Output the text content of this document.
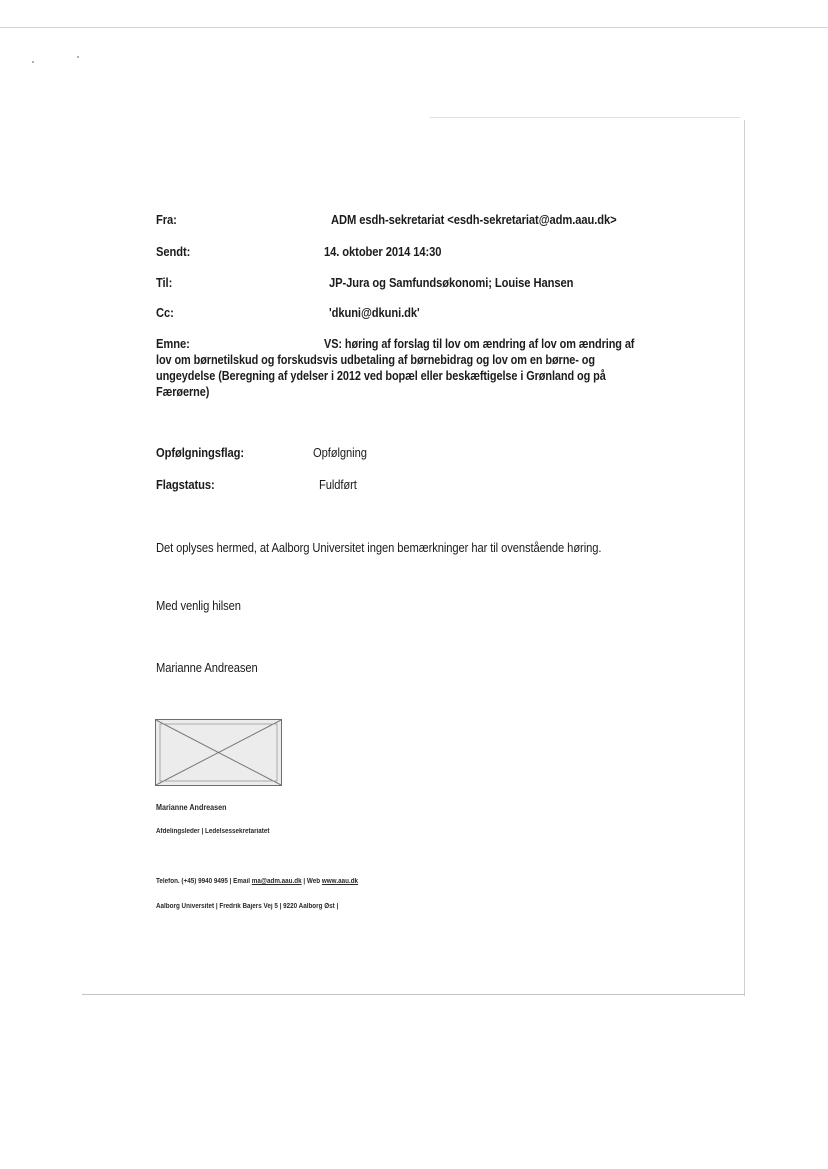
Fra:	ADM esdh-sekretariat <esdh-sekretariat@adm.aau.dk>
Sendt:	14. oktober 2014 14:30
Til:	JP-Jura og Samfundsøkonomi; Louise Hansen
Cc:	'dkuni@dkuni.dk'
Emne:	VS: høring af forslag til lov om ændring af lov om ændring af
lov om børnetilskud og forskudsvis udbetaling af børnebidrag og lov om en børne- og
ungeydelse (Beregning af ydelser i 2012 ved bopæl eller beskæftigelse i Grønland og på
Færøerne)
Opfølgningsflag:	Opfølgning
Flagstatus:	Fuldført
Det oplyses hermed, at Aalborg Universitet ingen bemærkninger har til ovenstående høring.
Med venlig hilsen
Marianne Andreasen
Marianne Andreasen
Afdelingsleder | Ledelsessekretariatet
Telefon. (+45) 9940 9495 | Email ma@adm.aau.dk | Web www.aau.dk
Aalborg Universitet | Fredrik Bajers Vej 5 | 9220 Aalborg Øst |
